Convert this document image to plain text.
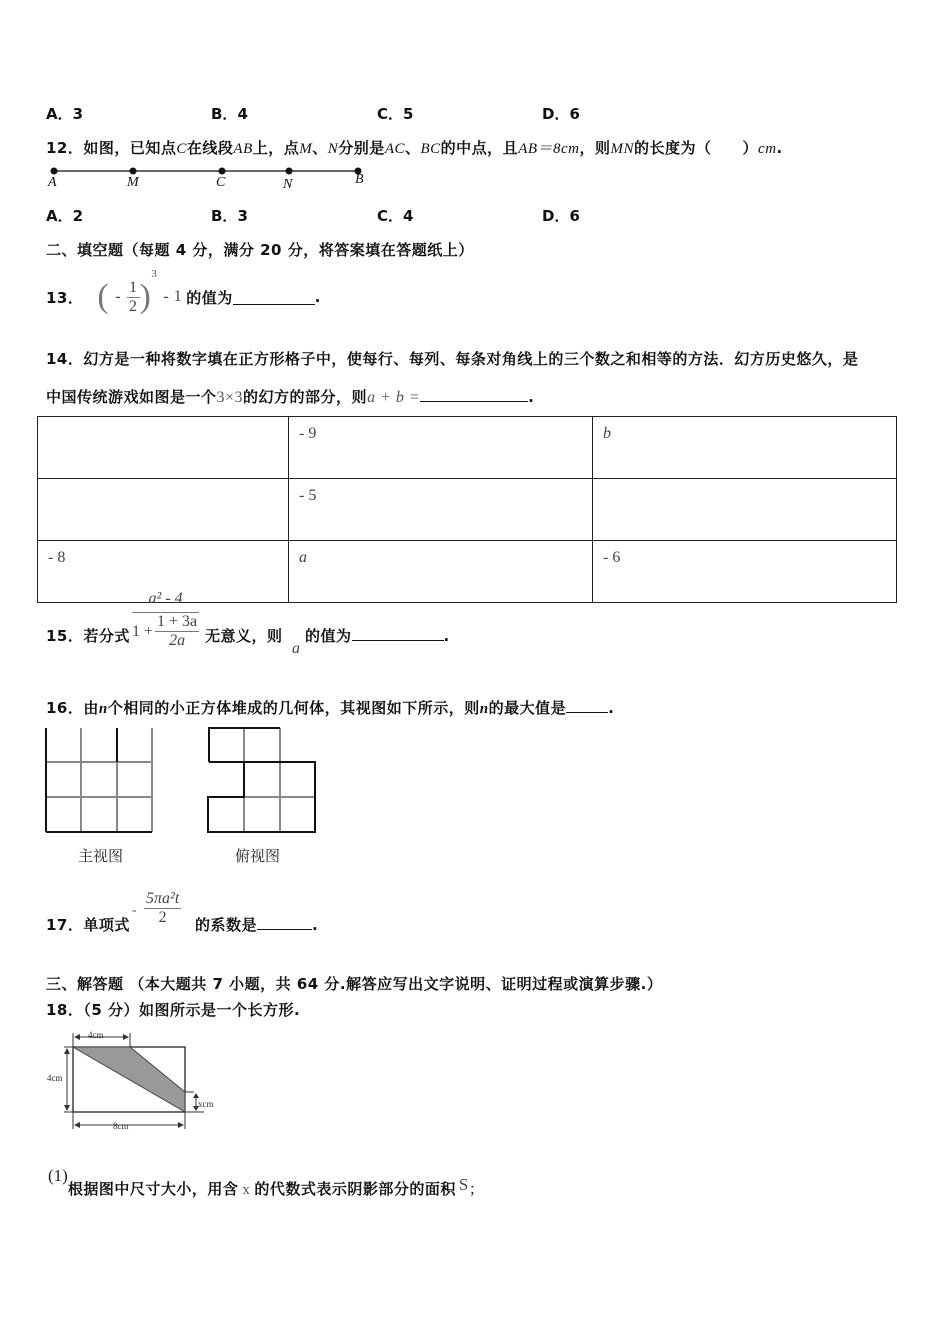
A．3	B．4	C．5	D．6
12．如图，已知点C在线段AB上，点M、N分别是AC、BC的中点，且AB＝8cm，则MN的长度为（　　）cm.
A	M	C	N	B
A．2	B．3	C．4	D．6
二、填空题（每题 4 分，满分 20 分，将答案填在答题纸上）
13． ( - $\frac{1}{2}$ )
3
- 1 的值为	.
14．幻方是一种将数字填在正方形格子中，使每行、每列、每条对角线上的三个数之和相等的方法．幻方历史悠久，是
中国传统游戏如图是一个3×3的幻方的部分，则a + b =	.
	- 9	b
	- 5	
- 8	a	- 6
15．若分式 $\frac{\text{a² - 4}}{1 + \frac{1 + 3a}{2a}}$ 无意义，则
a
的值为	.
16．由n个相同的小正方体堆成的几何体，其视图如下所示，则n的最大值是	.
主视图	俯视图
17．单项式
- $\frac{\text{5πa²t}}{2}$ 的系数是	.
三、解答题 （本大题共 7 小题，共 64 分.解答应写出文字说明、证明过程或演算步骤.）
18．（5 分）如图所示是一个长方形.
4cm
4cm
8cm
xcm
(1)根据图中尺寸大小，用含 x 的代数式表示阴影部分的面积 S；
